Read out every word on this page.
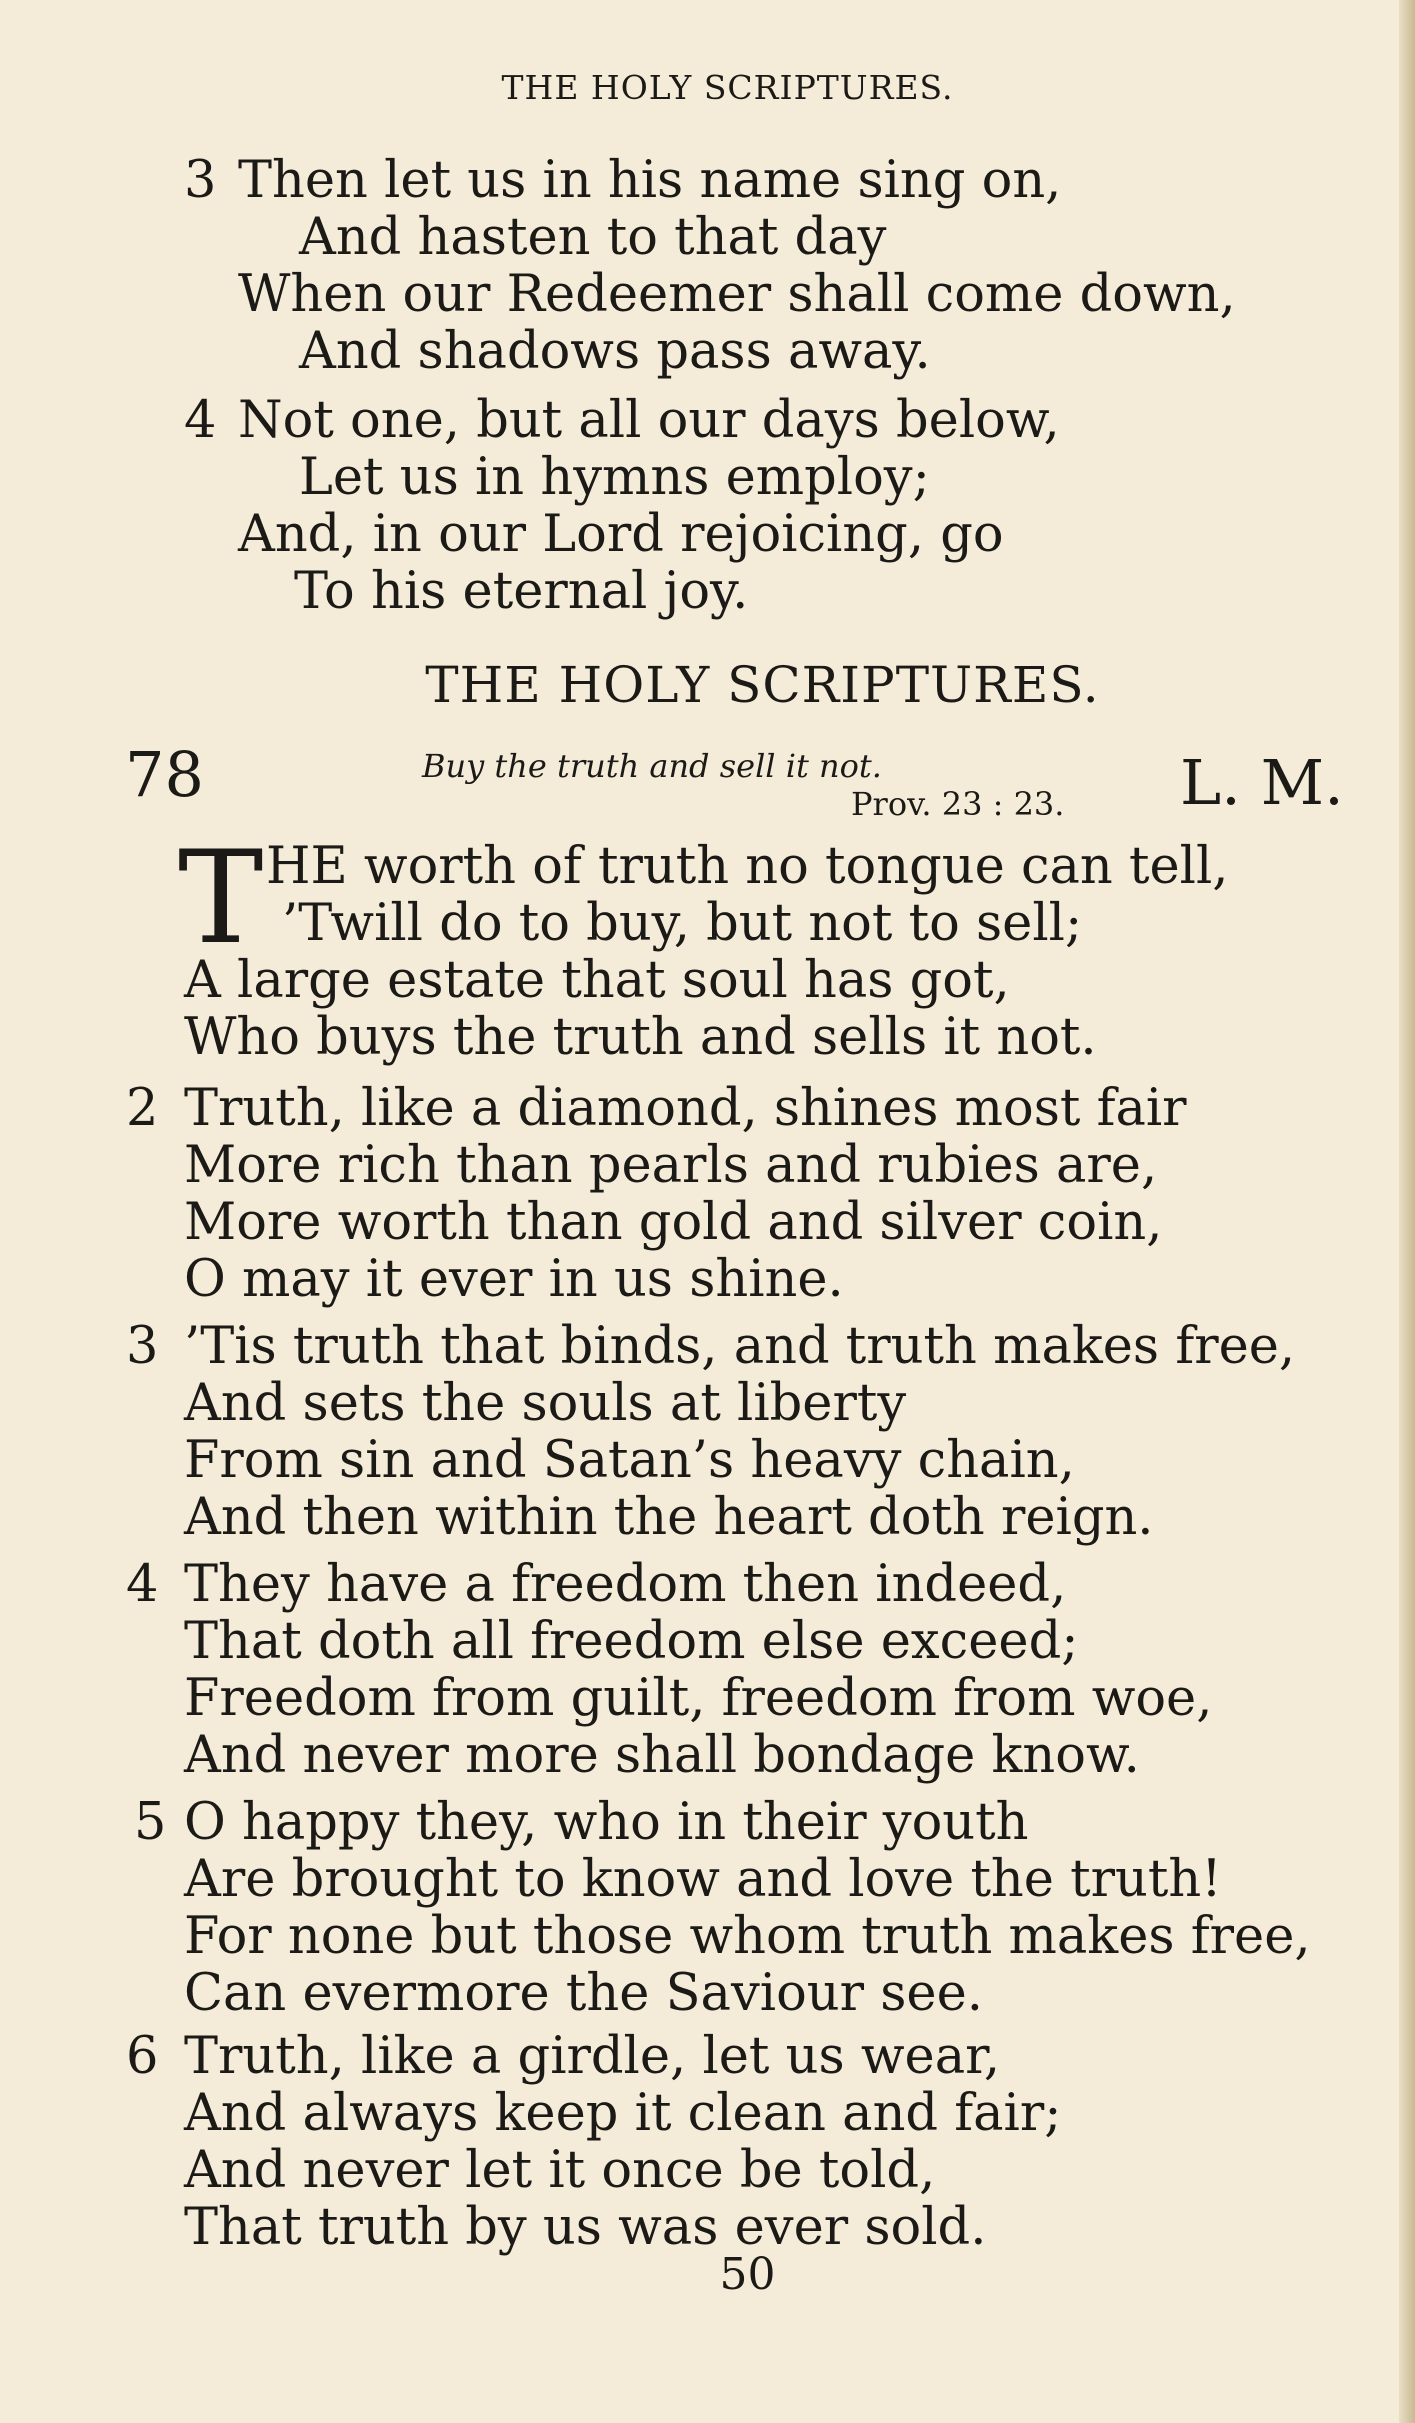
THE HOLY SCRIPTURES.
3 Then let us in his name sing on,
And hasten to that day
When our Redeemer shall come down,
And shadows pass away.
4 Not one, but all our days below,
Let us in hymns employ;
And, in our Lord rejoicing, go
To his eternal joy.
THE HOLY SCRIPTURES.
78	Buy the truth and sell it not.
Prov. 23 : 23. L. M.
T HE worth of truth no tongue can tell,
’Twill do to buy, but not to sell;
A large estate that soul has got,
Who buys the truth and sells it not.
2 Truth, like a diamond, shines most fair
More rich than pearls and rubies are,
More worth than gold and silver coin,
O may it ever in us shine.
3 ’Tis truth that binds, and truth makes free,
And sets the souls at liberty
From sin and Satan’s heavy chain,
And then within the heart doth reign.
4 They have a freedom then indeed,
That doth all freedom else exceed;
Freedom from guilt, freedom from woe,
And never more shall bondage know.
5 O happy they, who in their youth
Are brought to know and love the truth!
For none but those whom truth makes free,
Can evermore the Saviour see.
6 Truth, like a girdle, let us wear,
And always keep it clean and fair;
And never let it once be told,
That truth by us was ever sold.
50
